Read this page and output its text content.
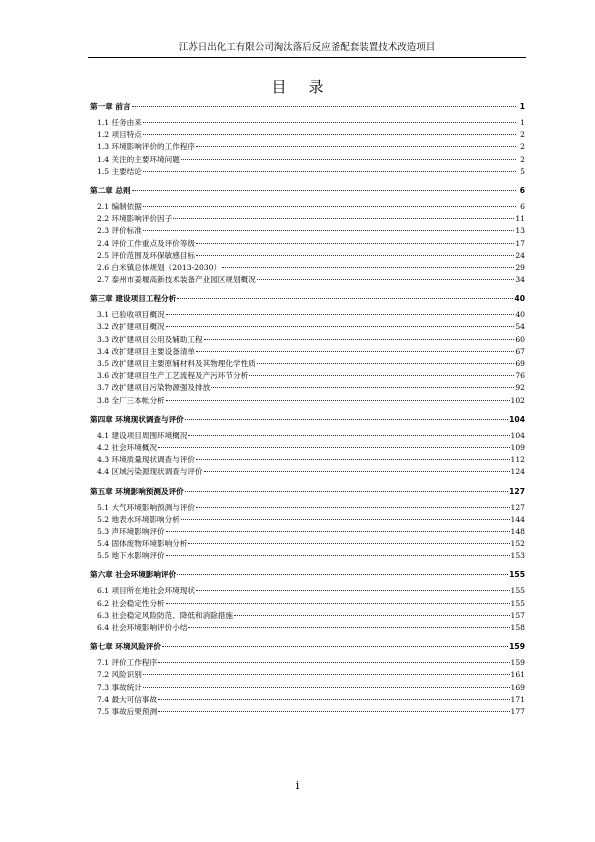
江苏日出化工有限公司淘汰落后反应釜配套装置技术改造项目
目录
第一章 前言	1
1.1 任务由来	1
1.2 项目特点	2
1.3 环境影响评价的工作程序	2
1.4 关注的主要环境问题	2
1.5 主要结论	5
第二章 总则	6
2.1 编制依据	6
2.2 环境影响评价因子	11
2.3 评价标准	13
2.4 评价工作重点及评价等级	17
2.5 评价范围及环保敏感目标	24
2.6 白米镇总体规划（2013-2030）	29
2.7 泰州市姜堰高新技术装备产业园区规划概况	34
第三章 建设项目工程分析	40
3.1 已验收项目概况	40
3.2 改扩建项目概况	54
3.3 改扩建项目公用及辅助工程	60
3.4 改扩建项目主要设备清单	67
3.5 改扩建项目主要原辅材料及其物理化学性质	69
3.6 改扩建项目生产工艺流程及产污环节分析	76
3.7 改扩建项目污染物源强及排放	92
3.8 全厂三本帐分析	102
第四章 环境现状调查与评价	104
4.1 建设项目周围环境概况	104
4.2 社会环境概况	109
4.3 环境质量现状调查与评价	112
4.4 区域污染源现状调查与评价	124
第五章 环境影响预测及评价	127
5.1 大气环境影响预测与评价	127
5.2 地表水环境影响分析	144
5.3 声环境影响评价	148
5.4 固体废物环境影响分析	152
5.5 地下水影响评价	153
第六章 社会环境影响评价	155
6.1 项目所在地社会环境现状	155
6.2 社会稳定性分析	155
6.3 社会稳定风险防范、降低和消除措施	157
6.4 社会环境影响评价小结	158
第七章 环境风险评价	159
7.1 评价工作程序	159
7.2 风险识别	161
7.3 事故统计	169
7.4 最大可信事故	171
7.5 事故后果预测	177
i
